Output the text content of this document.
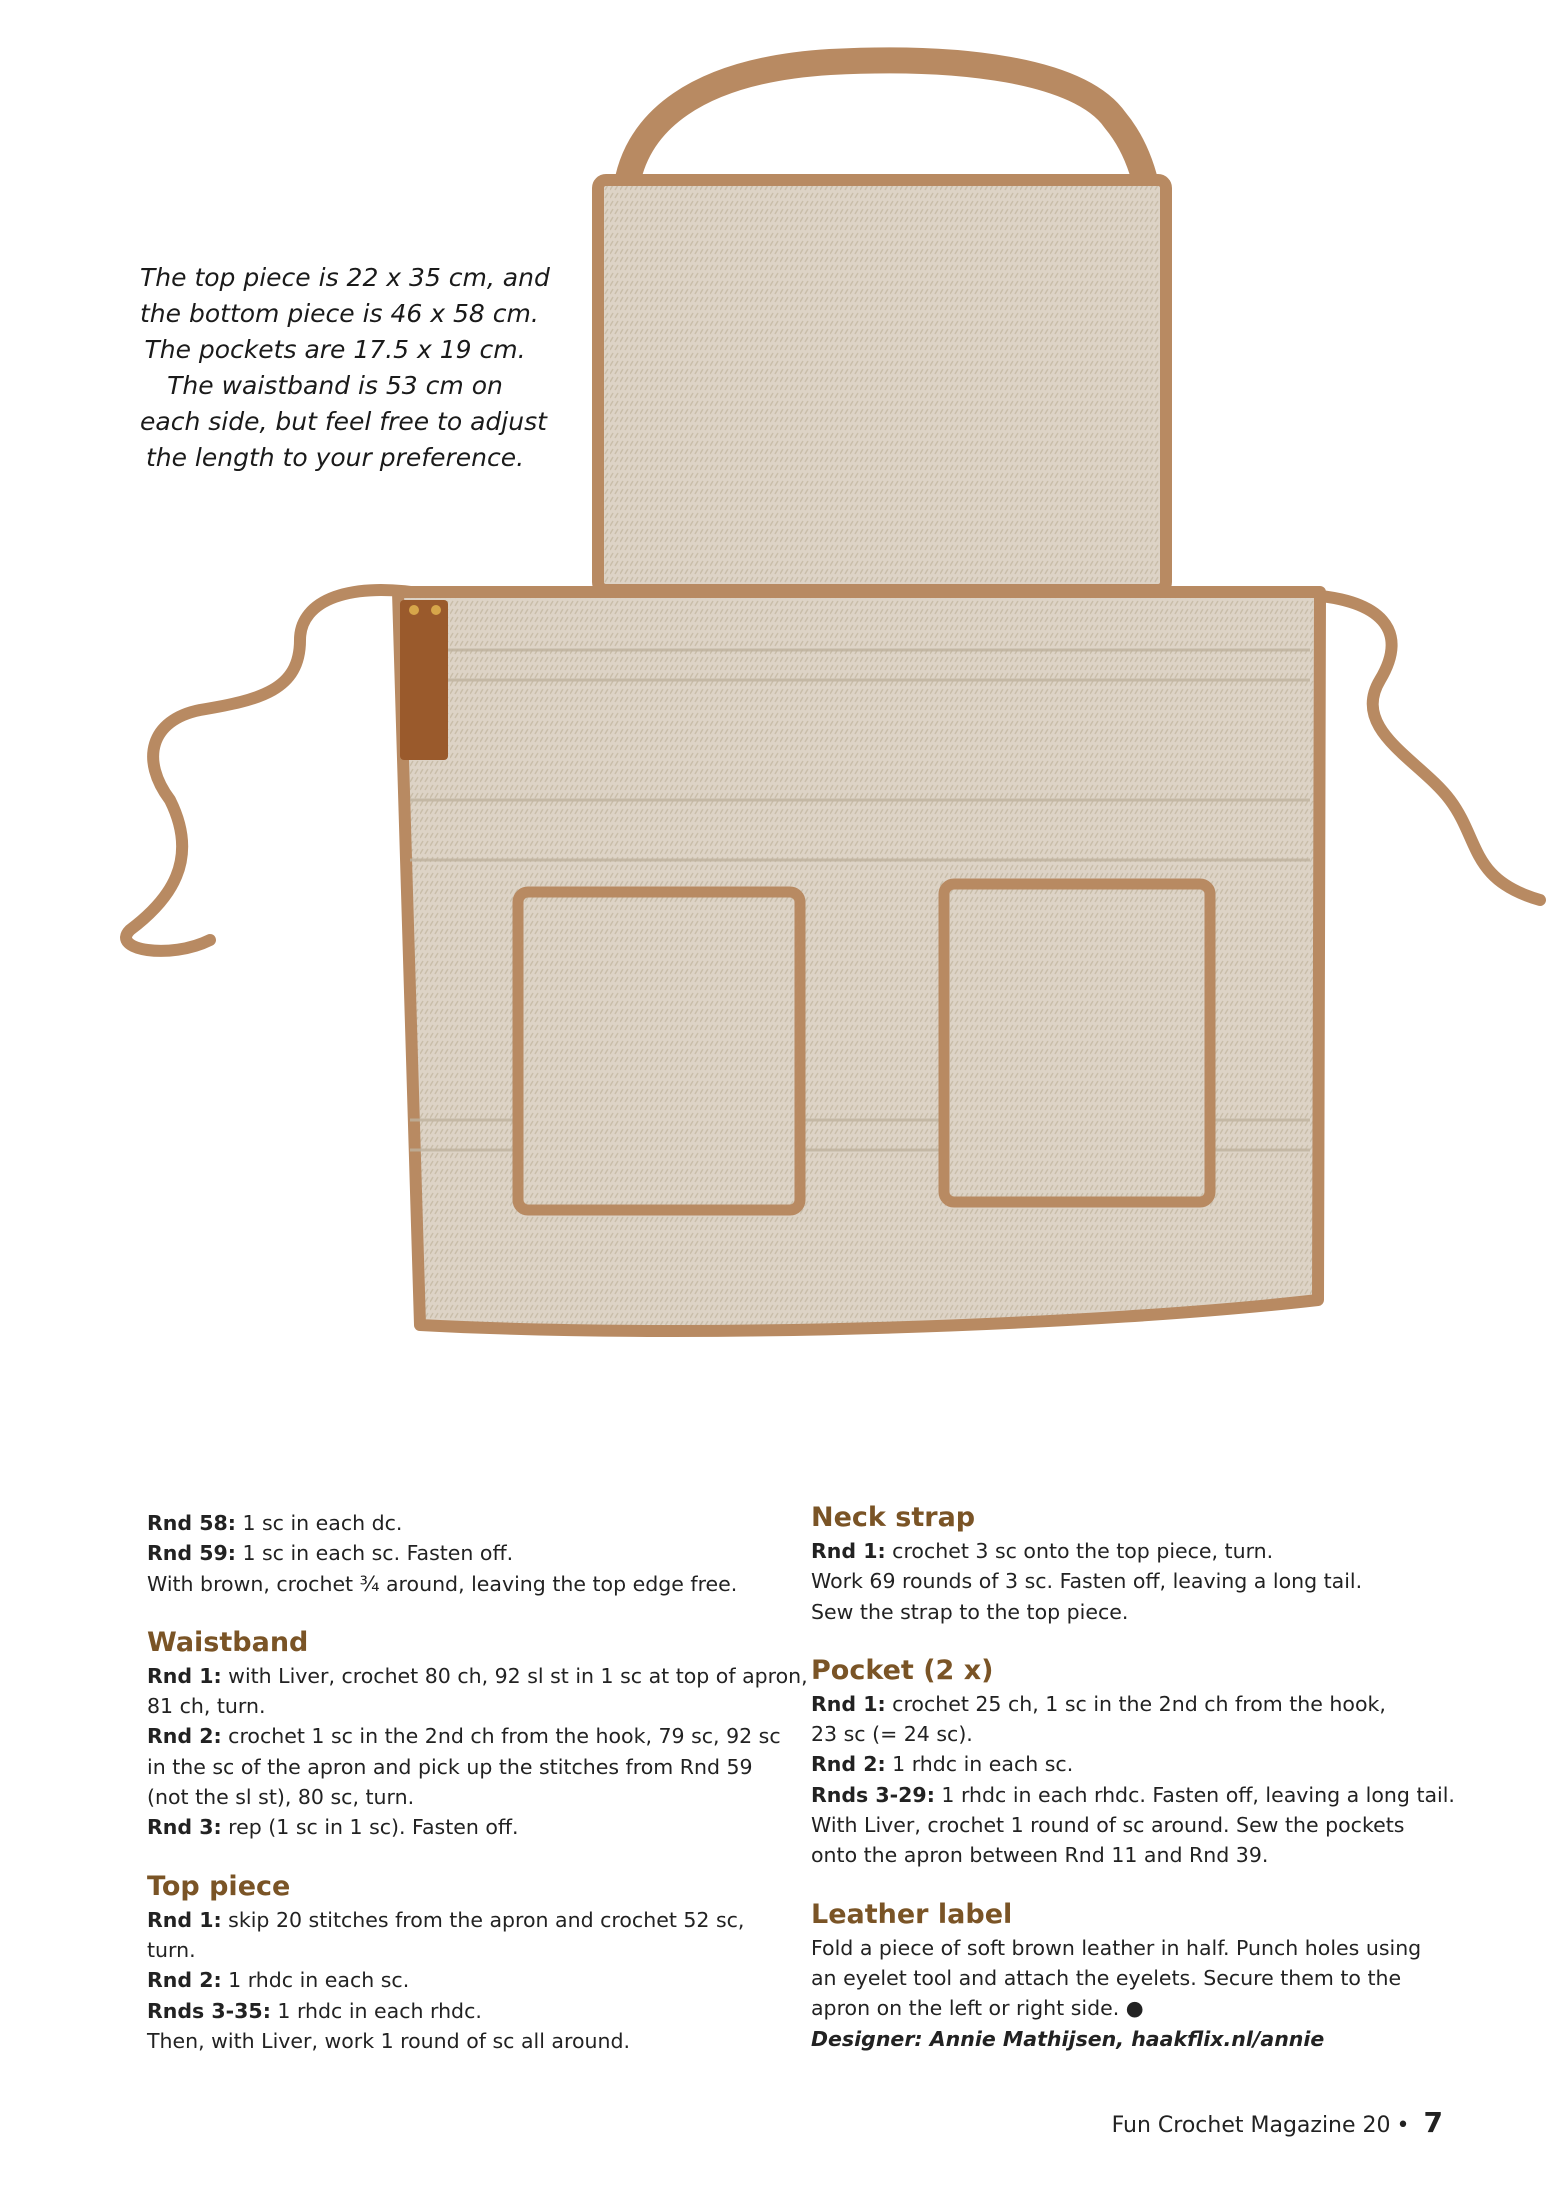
The top piece is 22 x 35 cm, and
the bottom piece is 46 x 58 cm.
The pockets are 17.5 x 19 cm.
The waistband is 53 cm on
each side, but feel free to adjust
the length to your preference.
Rnd 58: 1 sc in each dc.
Rnd 59: 1 sc in each sc. Fasten off.
With brown, crochet ¾ around, leaving the top edge free.
Waistband
Rnd 1: with Liver, crochet 80 ch, 92 sl st in 1 sc at top of apron,
81 ch, turn.
Rnd 2: crochet 1 sc in the 2nd ch from the hook, 79 sc, 92 sc
in the sc of the apron and pick up the stitches from Rnd 59
(not the sl st), 80 sc, turn.
Rnd 3: rep (1 sc in 1 sc). Fasten off.
Top piece
Rnd 1: skip 20 stitches from the apron and crochet 52 sc,
turn.
Rnd 2: 1 rhdc in each sc.
Rnds 3-35: 1 rhdc in each rhdc.
Then, with Liver, work 1 round of sc all around.
Neck strap
Rnd 1: crochet 3 sc onto the top piece, turn.
Work 69 rounds of 3 sc. Fasten off, leaving a long tail.
Sew the strap to the top piece.
Pocket (2 x)
Rnd 1: crochet 25 ch, 1 sc in the 2nd ch from the hook,
23 sc (= 24 sc).
Rnd 2: 1 rhdc in each sc.
Rnds 3-29: 1 rhdc in each rhdc. Fasten off, leaving a long tail.
With Liver, crochet 1 round of sc around. Sew the pockets
onto the apron between Rnd 11 and Rnd 39.
Leather label
Fold a piece of soft brown leather in half. Punch holes using
an eyelet tool and attach the eyelets. Secure them to the
apron on the left or right side. ●
Designer: Annie Mathijsen, haakflix.nl/annie
Fun Crochet Magazine 20 • 7
